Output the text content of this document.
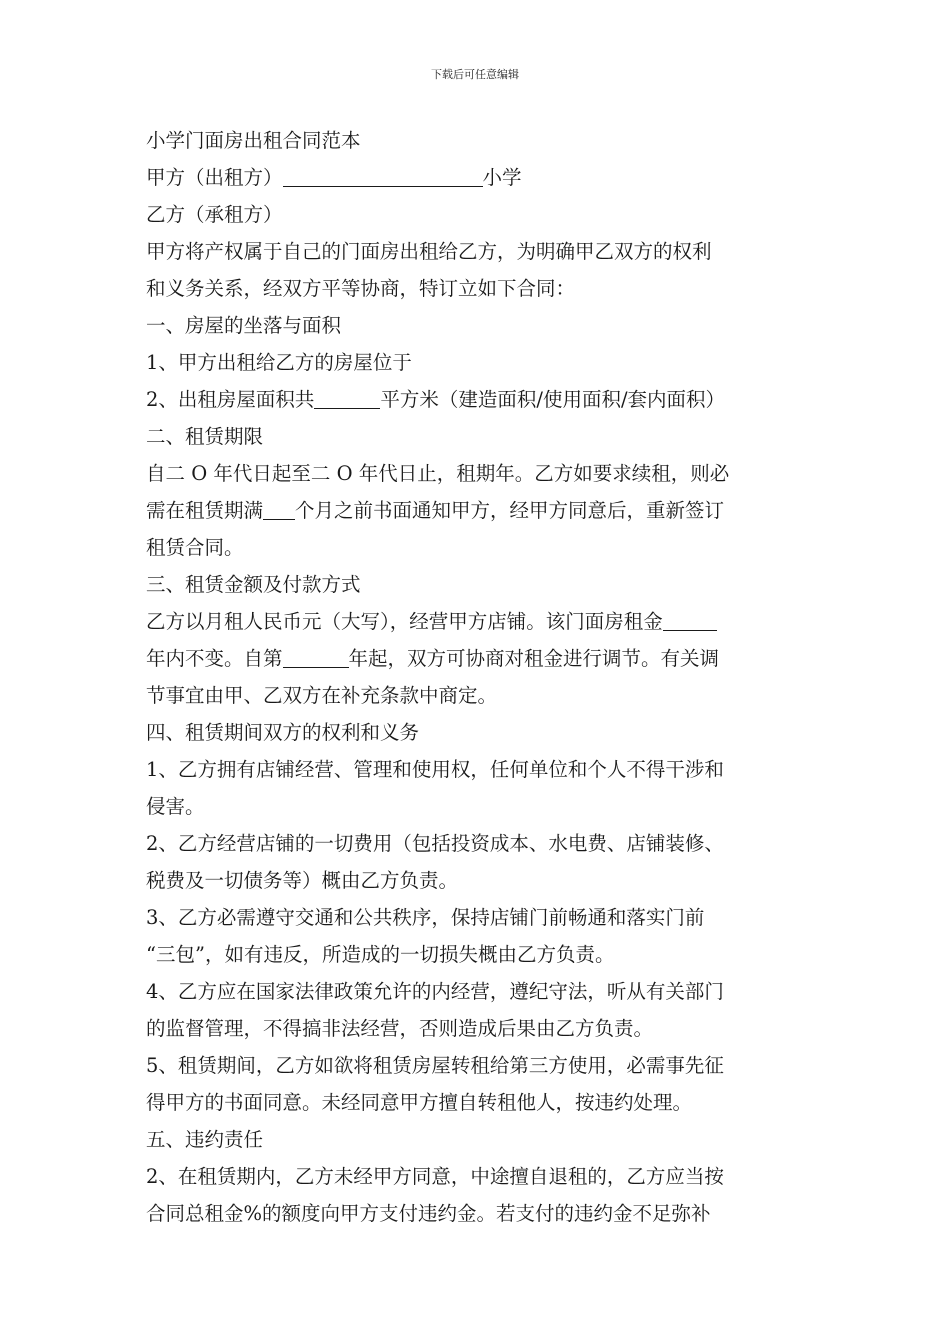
下载后可任意编辑
小学门面房出租合同范本
甲方（出租方）	小学
乙方（承租方）
甲方将产权属于自己的门面房出租给乙方，为明确甲乙双方的权利
和义务关系，经双方平等协商，特订立如下合同：
一、房屋的坐落与面积
1、甲方出租给乙方的房屋位于
2、出租房屋面积共	平方米（建造面积/使用面积/套内面积）
二、租赁期限
自二 O 年代日起至二 O 年代日止，租期年。乙方如要求续租，则必
需在租赁期满 个月之前书面通知甲方，经甲方同意后，重新签订
租赁合同。
三、租赁金额及付款方式
乙方以月租人民币元（大写），经营甲方店铺。该门面房租金
年内不变。自第	年起，双方可协商对租金进行调节。有关调
节事宜由甲、乙双方在补充条款中商定。
四、租赁期间双方的权利和义务
1、乙方拥有店铺经营、管理和使用权，任何单位和个人不得干涉和
侵害。
2、乙方经营店铺的一切费用（包括投资成本、水电费、店铺装修、
税费及一切债务等）概由乙方负责。
3、乙方必需遵守交通和公共秩序，保持店铺门前畅通和落实门前
“三包”，如有违反，所造成的一切损失概由乙方负责。
4、乙方应在国家法律政策允许的内经营，遵纪守法，听从有关部门
的监督管理，不得搞非法经营，否则造成后果由乙方负责。
5、租赁期间，乙方如欲将租赁房屋转租给第三方使用，必需事先征
得甲方的书面同意。未经同意甲方擅自转租他人，按违约处理。
五、违约责任
2、在租赁期内，乙方未经甲方同意，中途擅自退租的，乙方应当按
合同总租金%的额度向甲方支付违约金。若支付的违约金不足弥补
